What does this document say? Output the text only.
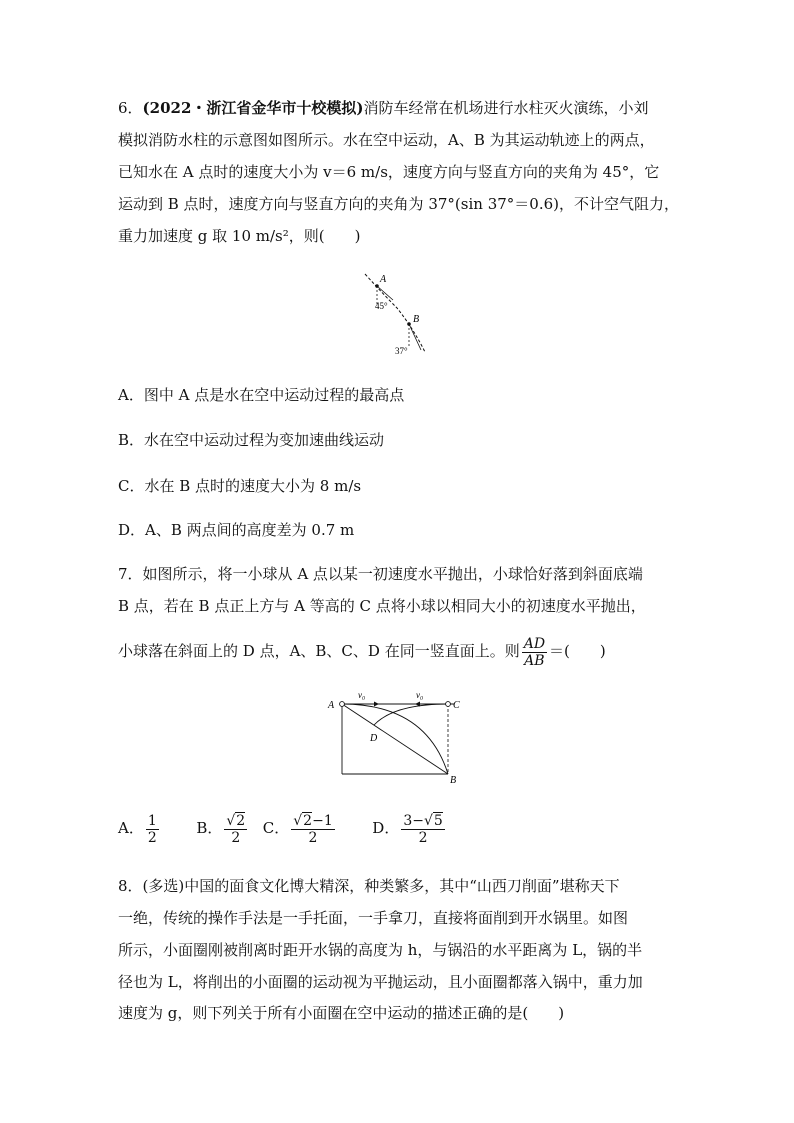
6．(2022・浙江省金华市十校模拟)消防车经常在机场进行水柱灭火演练，小刘
模拟消防水柱的示意图如图所示。水在空中运动，A、B 为其运动轨迹上的两点，
已知水在 A 点时的速度大小为 v＝6 m/s，速度方向与竖直方向的夹角为 45°，它
运动到 B 点时，速度方向与竖直方向的夹角为 37°(sin 37°＝0.6)，不计空气阻力，
重力加速度 g 取 10 m/s²，则(　　)
A
45°
B
37°
A．图中 A 点是水在空中运动过程的最高点
B．水在空中运动过程为变加速曲线运动
C．水在 B 点时的速度大小为 8 m/s
D．A、B 两点间的高度差为 0.7 m
7．如图所示，将一小球从 A 点以某一初速度水平抛出，小球恰好落到斜面底端
B 点，若在 B 点正上方与 A 等高的 C 点将小球以相同大小的初速度水平抛出，
小球落在斜面上的 D 点，A、B、C、D 在同一竖直面上。则 $\frac{AD}{AB}$ ＝(　　)
v₀	v₀
A	C
D
B
A． $\frac{1}{2}$	B． $\frac{√2}{2}$ C． $\frac{√2-1}{2}$	D． $\frac{3-√5}{2}$
8．(多选)中国的面食文化博大精深，种类繁多，其中“山西刀削面”堪称天下
一绝，传统的操作手法是一手托面，一手拿刀，直接将面削到开水锅里。如图
所示，小面圈刚被削离时距开水锅的高度为 h，与锅沿的水平距离为 L，锅的半
径也为 L，将削出的小面圈的运动视为平抛运动，且小面圈都落入锅中，重力加
速度为 g，则下列关于所有小面圈在空中运动的描述正确的是(　　)
